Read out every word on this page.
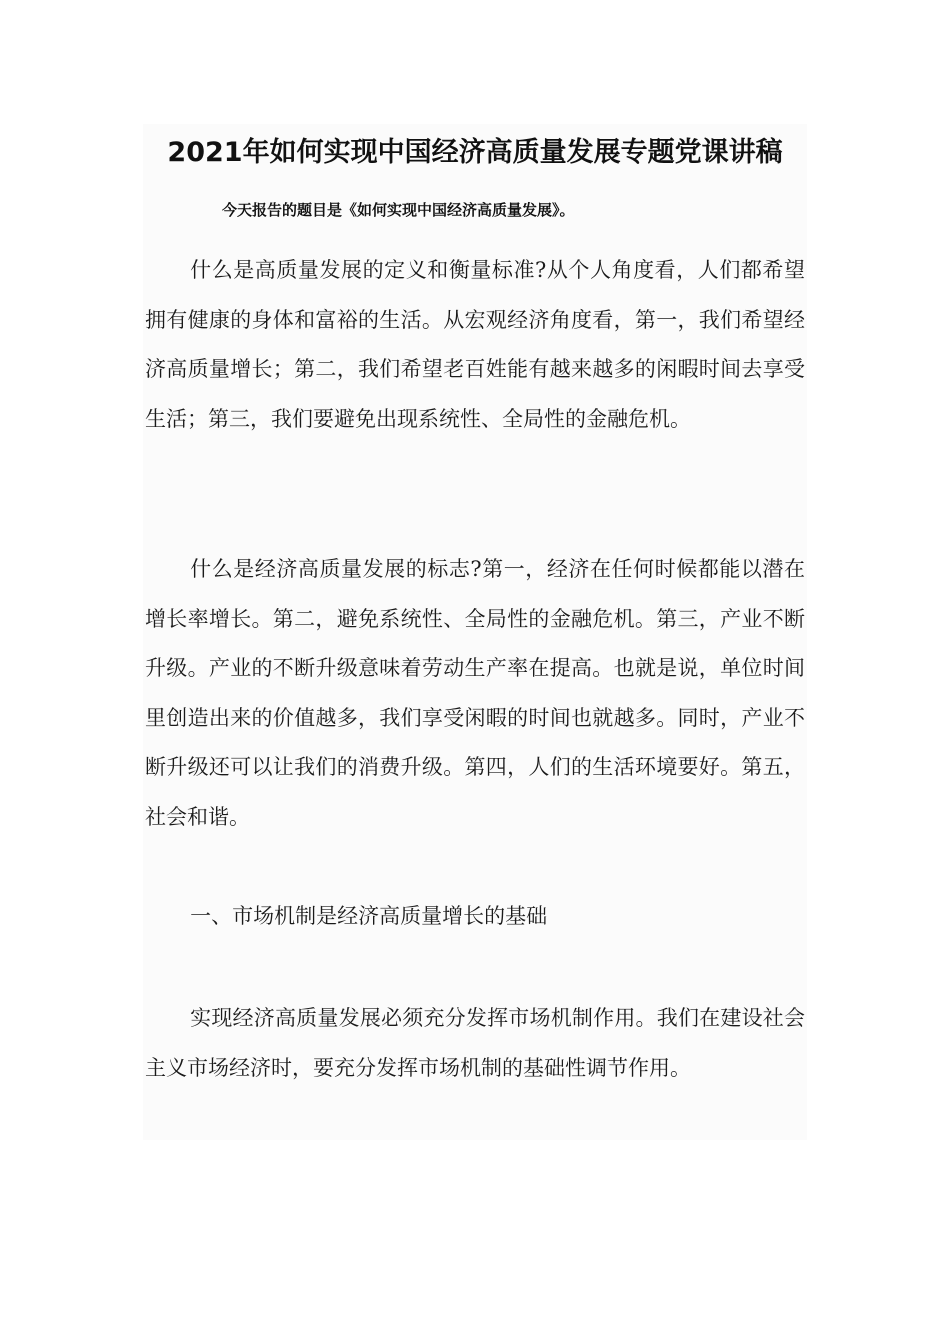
2021年如何实现中国经济高质量发展专题党课讲稿

今天报告的题目是《如何实现中国经济高质量发展》。

什么是高质量发展的定义和衡量标准?从个人角度看，人们都希望拥有健康的身体和富裕的生活。从宏观经济角度看，第一，我们希望经济高质量增长；第二，我们希望老百姓能有越来越多的闲暇时间去享受生活；第三，我们要避免出现系统性、全局性的金融危机。

什么是经济高质量发展的标志?第一，经济在任何时候都能以潜在增长率增长。第二，避免系统性、全局性的金融危机。第三，产业不断升级。产业的不断升级意味着劳动生产率在提高。也就是说，单位时间里创造出来的价值越多，我们享受闲暇的时间也就越多。同时，产业不断升级还可以让我们的消费升级。第四，人们的生活环境要好。第五，社会和谐。

一、市场机制是经济高质量增长的基础

实现经济高质量发展必须充分发挥市场机制作用。我们在建设社会主义市场经济时，要充分发挥市场机制的基础性调节作用。
